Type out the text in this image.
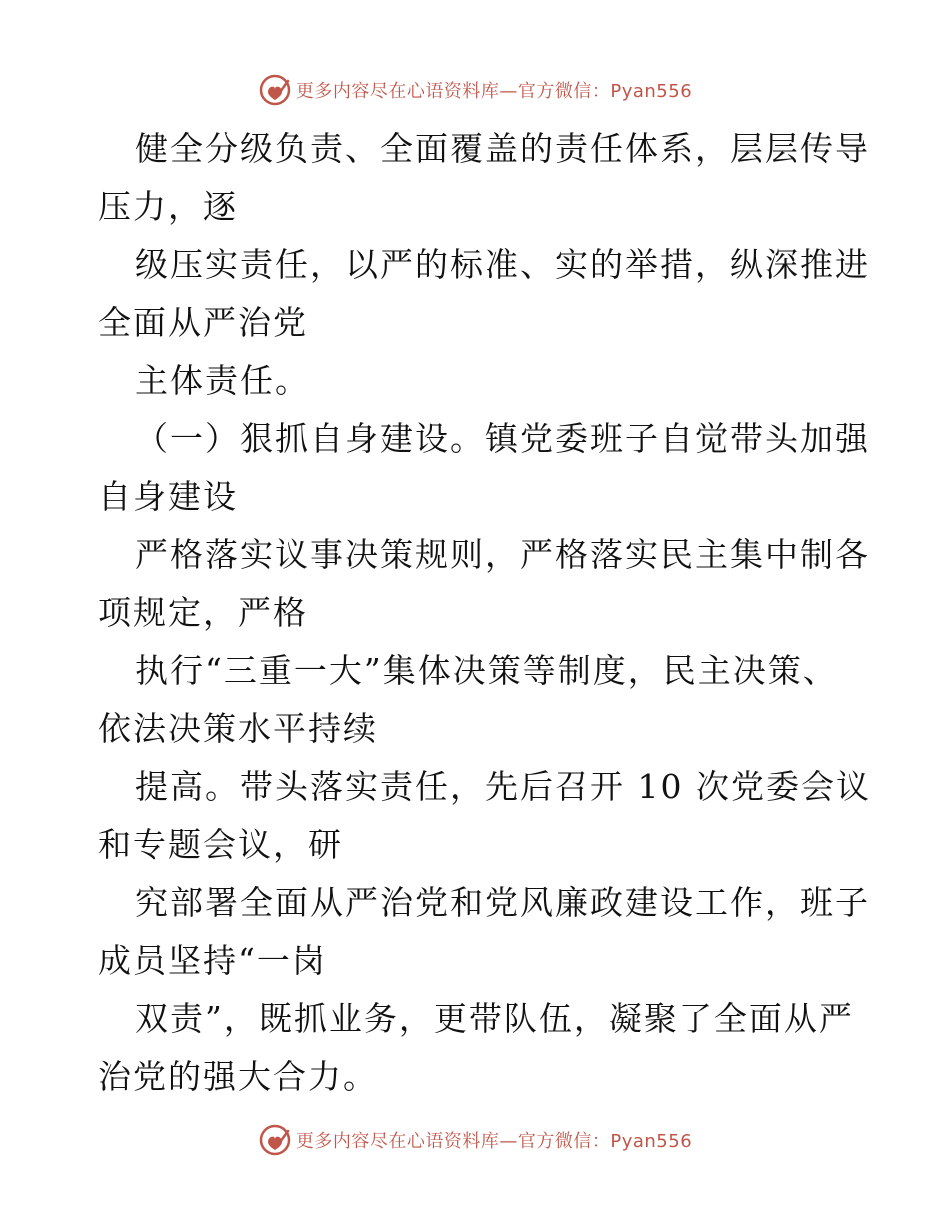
更多内容尽在心语资料库—官方微信：Pyan556

健全分级负责、全面覆盖的责任体系，层层传导
压力，逐

级压实责任，以严的标准、实的举措，纵深推进
全面从严治党

主体责任。

（一）狠抓自身建设。镇党委班子自觉带头加强
自身建设

严格落实议事决策规则，严格落实民主集中制各
项规定，严格

执行“三重一大”集体决策等制度，民主决策、
依法决策水平持续

提高。带头落实责任，先后召开 10 次党委会议
和专题会议，研

究部署全面从严治党和党风廉政建设工作，班子
成员坚持“一岗

双责”，既抓业务，更带队伍，凝聚了全面从严
治党的强大合力。

更多内容尽在心语资料库—官方微信：Pyan556
